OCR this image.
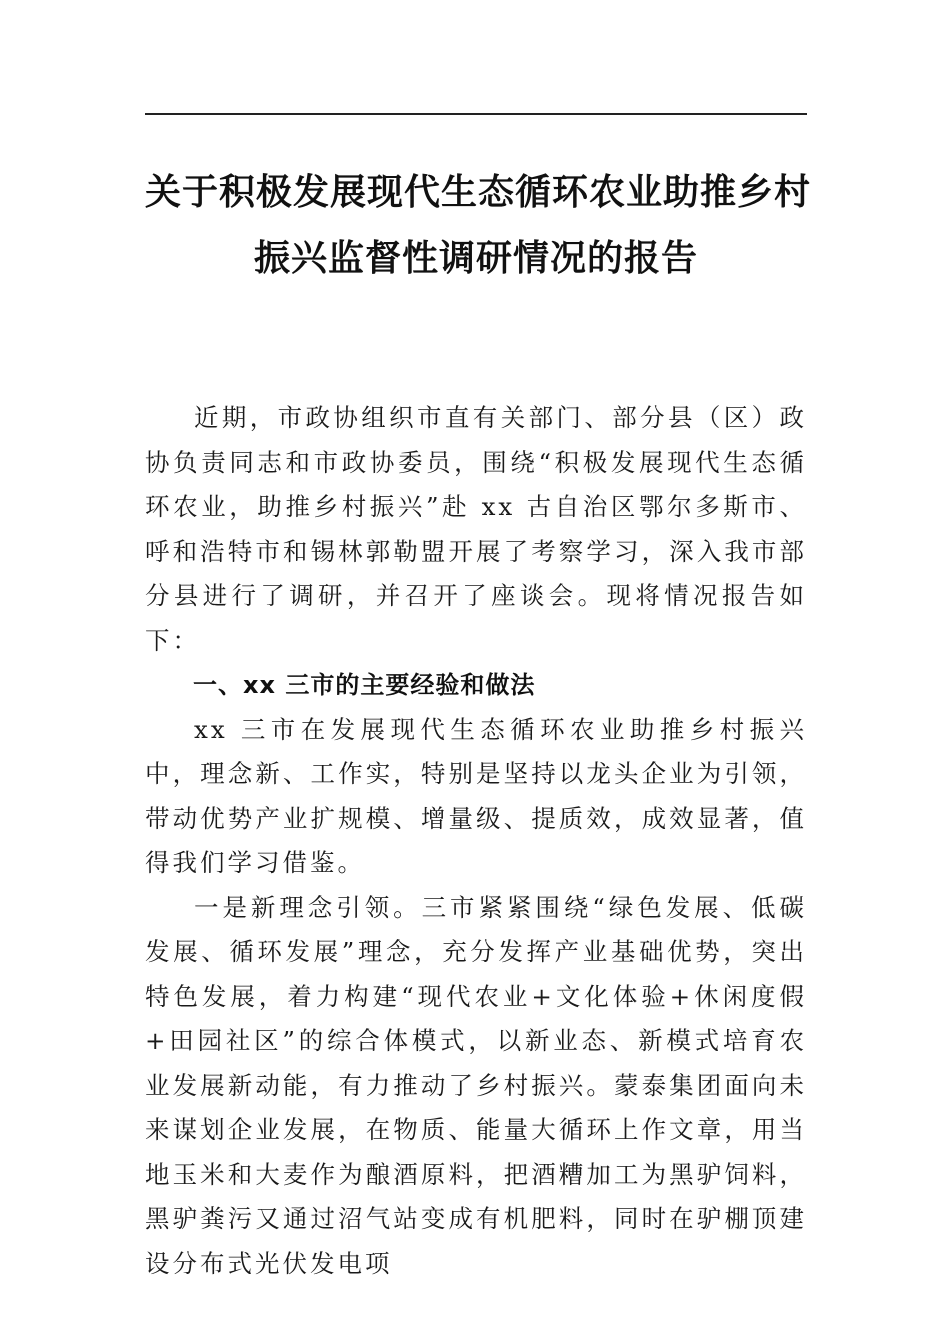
关于积极发展现代生态循环农业助推乡村
振兴监督性调研情况的报告

近期，市政协组织市直有关部门、部分县（区）政协负责同志和市政协委员，围绕“积极发展现代生态循环农业，助推乡村振兴”赴 xx 古自治区鄂尔多斯市、呼和浩特市和锡林郭勒盟开展了考察学习，深入我市部分县进行了调研，并召开了座谈会。现将情况报告如下：

一、xx 三市的主要经验和做法

xx 三市在发展现代生态循环农业助推乡村振兴中，理念新、工作实，特别是坚持以龙头企业为引领，带动优势产业扩规模、增量级、提质效，成效显著，值得我们学习借鉴。

一是新理念引领。三市紧紧围绕“绿色发展、低碳发展、循环发展”理念，充分发挥产业基础优势，突出特色发展，着力构建“现代农业+文化体验+休闲度假+田园社区”的综合体模式，以新业态、新模式培育农业发展新动能，有力推动了乡村振兴。蒙泰集团面向未来谋划企业发展，在物质、能量大循环上作文章，用当地玉米和大麦作为酿酒原料，把酒糟加工为黑驴饲料，黑驴粪污又通过沼气站变成有机肥料，同时在驴棚顶建设分布式光伏发电项
